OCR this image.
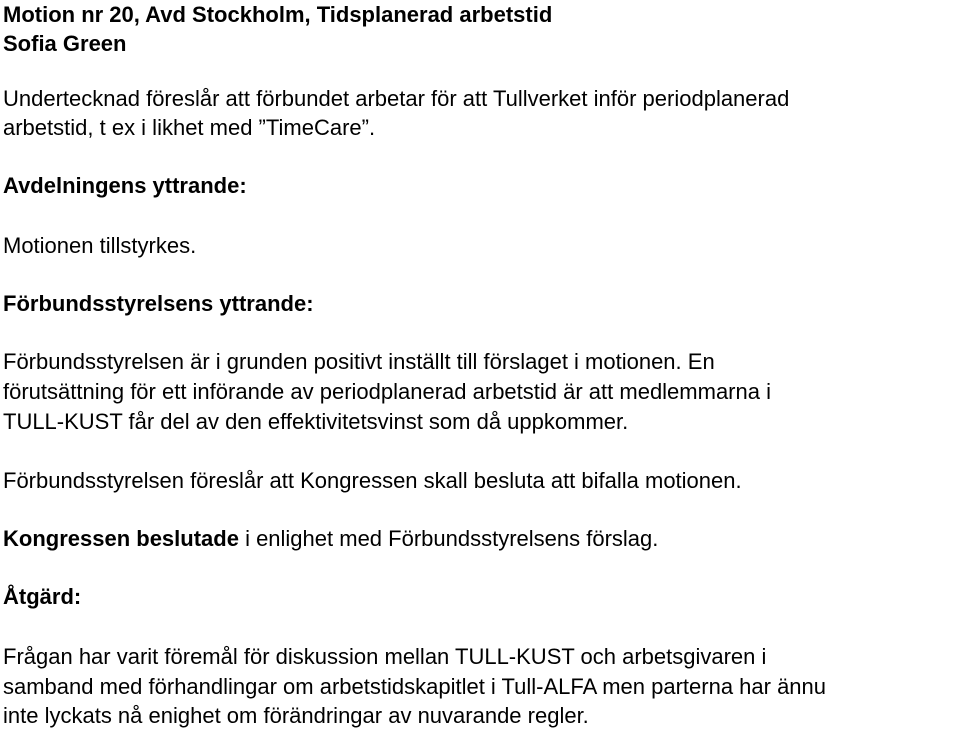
Motion nr 20, Avd Stockholm, Tidsplanerad arbetstid
Sofia Green
Undertecknad föreslår att förbundet arbetar för att Tullverket inför periodplanerad
arbetstid, t ex i likhet med ”TimeCare”.
Avdelningens yttrande:
Motionen tillstyrkes.
Förbundsstyrelsens yttrande:
Förbundsstyrelsen är i grunden positivt inställt till förslaget i motionen. En
förutsättning för ett införande av periodplanerad arbetstid är att medlemmarna i
TULL-KUST får del av den effektivitetsvinst som då uppkommer.
Förbundsstyrelsen föreslår att Kongressen skall besluta att bifalla motionen.
Kongressen beslutade i enlighet med Förbundsstyrelsens förslag.
Åtgärd:
Frågan har varit föremål för diskussion mellan TULL-KUST och arbetsgivaren i
samband med förhandlingar om arbetstidskapitlet i Tull-ALFA men parterna har ännu
inte lyckats nå enighet om förändringar av nuvarande regler.
